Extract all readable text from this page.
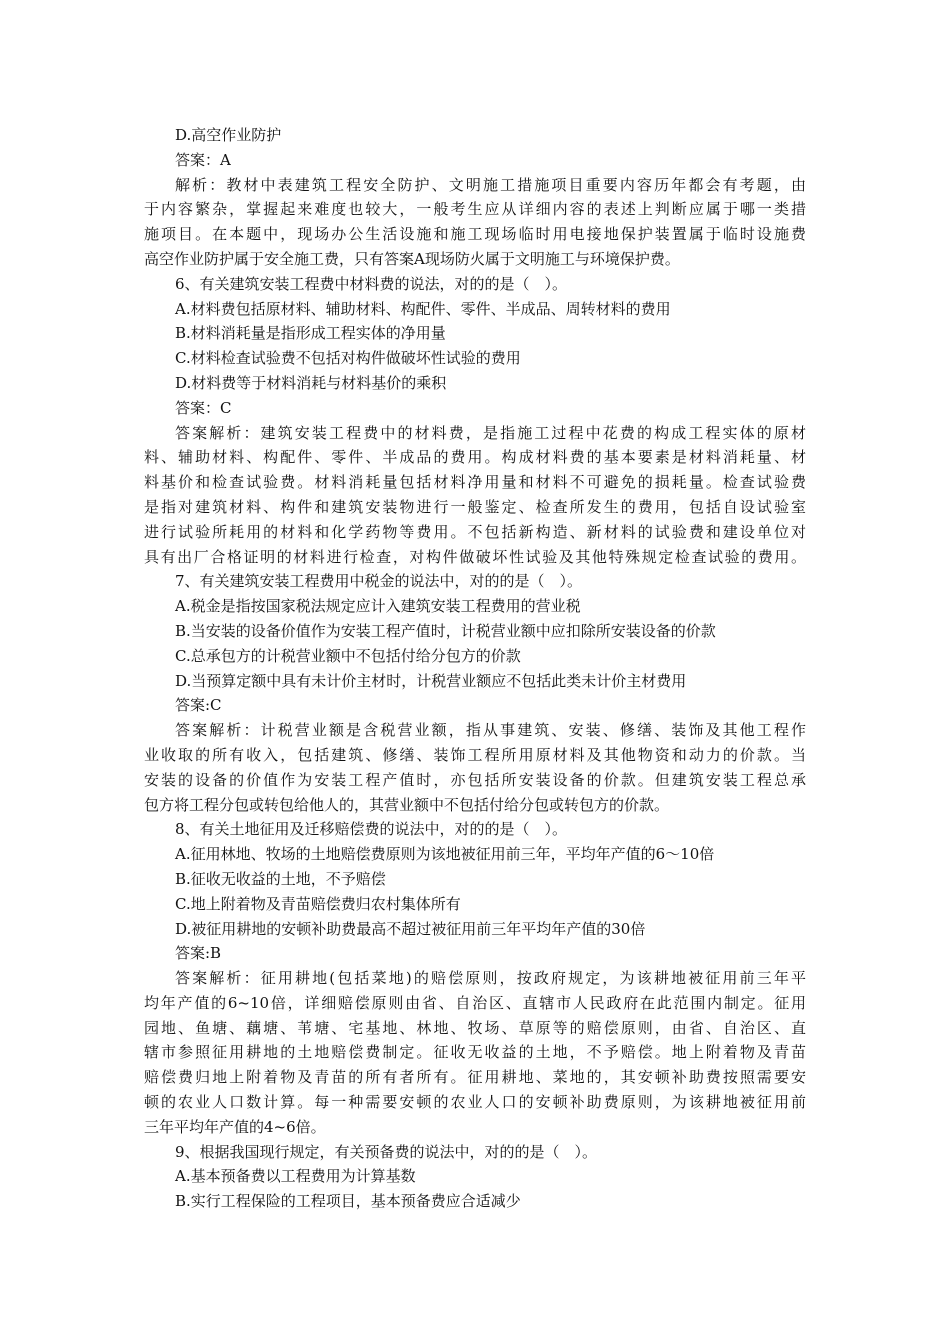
D.高空作业防护
答案：A
解析：教材中表建筑工程安全防护、文明施工措施项目重要内容历年都会有考题，由
于内容繁杂，掌握起来难度也较大，一般考生应从详细内容的表述上判断应属于哪一类措
施项目。在本题中，现场办公生活设施和施工现场临时用电接地保护装置属于临时设施费
高空作业防护属于安全施工费，只有答案A现场防火属于文明施工与环境保护费。
6、有关建筑安装工程费中材料费的说法，对的的是（　）。
A.材料费包括原材料、辅助材料、构配件、零件、半成品、周转材料的费用
B.材料消耗量是指形成工程实体的净用量
C.材料检查试验费不包括对构件做破坏性试验的费用
D.材料费等于材料消耗与材料基价的乘积
答案：C
答案解析：建筑安装工程费中的材料费，是指施工过程中花费的构成工程实体的原材
料、辅助材料、构配件、零件、半成品的费用。构成材料费的基本要素是材料消耗量、材
料基价和检查试验费。材料消耗量包括材料净用量和材料不可避免的损耗量。检查试验费
是指对建筑材料、构件和建筑安装物进行一般鉴定、检查所发生的费用，包括自设试验室
进行试验所耗用的材料和化学药物等费用。不包括新构造、新材料的试验费和建设单位对
具有出厂合格证明的材料进行检查，对构件做破坏性试验及其他特殊规定检查试验的费用。
7、有关建筑安装工程费用中税金的说法中，对的的是（　）。
A.税金是指按国家税法规定应计入建筑安装工程费用的营业税
B.当安装的设备价值作为安装工程产值时，计税营业额中应扣除所安装设备的价款
C.总承包方的计税营业额中不包括付给分包方的价款
D.当预算定额中具有未计价主材时，计税营业额应不包括此类未计价主材费用
答案:C
答案解析：计税营业额是含税营业额，指从事建筑、安装、修缮、装饰及其他工程作
业收取的所有收入，包括建筑、修缮、装饰工程所用原材料及其他物资和动力的价款。当
安装的设备的价值作为安装工程产值时，亦包括所安装设备的价款。但建筑安装工程总承
包方将工程分包或转包给他人的，其营业额中不包括付给分包或转包方的价款。
8、有关土地征用及迁移赔偿费的说法中，对的的是（　）。
A.征用林地、牧场的土地赔偿费原则为该地被征用前三年，平均年产值的6～10倍
B.征收无收益的土地，不予赔偿
C.地上附着物及青苗赔偿费归农村集体所有
D.被征用耕地的安顿补助费最高不超过被征用前三年平均年产值的30倍
答案:B
答案解析：征用耕地(包括菜地)的赔偿原则，按政府规定，为该耕地被征用前三年平
均年产值的6~10倍，详细赔偿原则由省、自治区、直辖市人民政府在此范围内制定。征用
园地、鱼塘、藕塘、苇塘、宅基地、林地、牧场、草原等的赔偿原则，由省、自治区、直
辖市参照征用耕地的土地赔偿费制定。征收无收益的土地，不予赔偿。地上附着物及青苗
赔偿费归地上附着物及青苗的所有者所有。征用耕地、菜地的，其安顿补助费按照需要安
顿的农业人口数计算。每一种需要安顿的农业人口的安顿补助费原则，为该耕地被征用前
三年平均年产值的4~6倍。
9、根据我国现行规定，有关预备费的说法中，对的的是（　）。
A.基本预备费以工程费用为计算基数
B.实行工程保险的工程项目，基本预备费应合适减少
